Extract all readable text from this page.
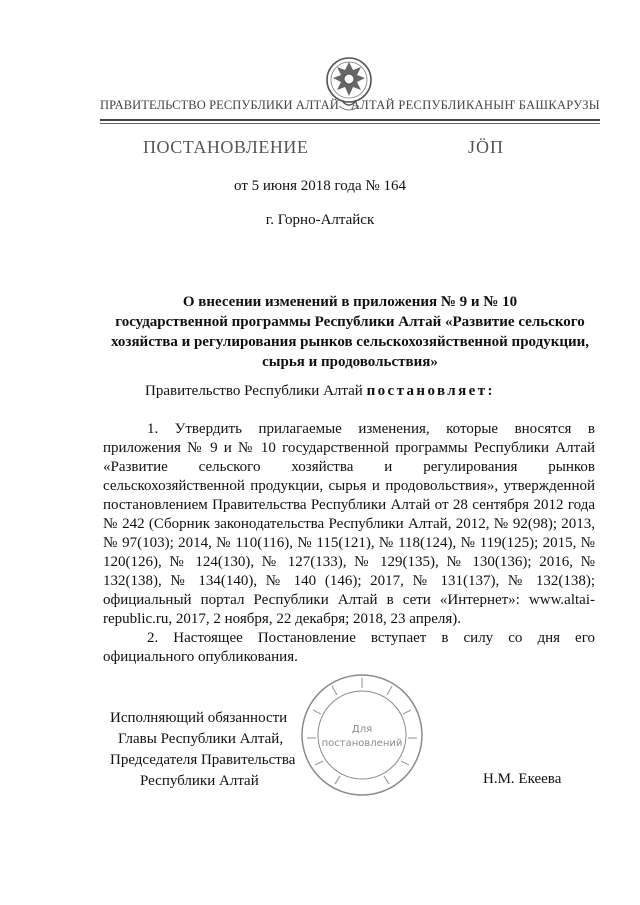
ПРАВИТЕЛЬСТВО РЕСПУБЛИКИ АЛТАЙ АЛТАЙ РЕСПУБЛИКАНЫҤ БАШКАРУЗЫ
ПОСТАНОВЛЕНИЕ	ЈӦП
от 5 июня 2018 года № 164
г. Горно-Алтайск
О внесении изменений в приложения № 9 и № 10
государственной программы Республики Алтай «Развитие сельского
хозяйства и регулирования рынков сельскохозяйственной продукции,
сырья и продовольствия»
Правительство Республики Алтай постановляет:

1. Утвердить прилагаемые изменения, которые вносятся в приложения № 9 и № 10 государственной программы Республики Алтай «Развитие сельского хозяйства и регулирования рынков сельскохозяйственной продукции, сырья и продовольствия», утвержденной постановлением Правительства Республики Алтай от 28 сентября 2012 года № 242 (Сборник законодательства Республики Алтай, 2012, № 92(98); 2013, № 97(103); 2014, № 110(116), № 115(121), № 118(124), № 119(125); 2015, № 120(126), № 124(130), № 127(133), № 129(135), № 130(136); 2016, № 132(138), № 134(140), № 140 (146); 2017, № 131(137), № 132(138); официальный портал Республики Алтай в сети «Интернет»: www.altai-republic.ru, 2017, 2 ноября, 22 декабря; 2018, 23 апреля).

2. Настоящее Постановление вступает в силу со дня его официального опубликования.

Для
постановлений
Исполняющий обязанности
Главы Республики Алтай,
Председателя Правительства
Республики Алтай	Н.М. Екеева
